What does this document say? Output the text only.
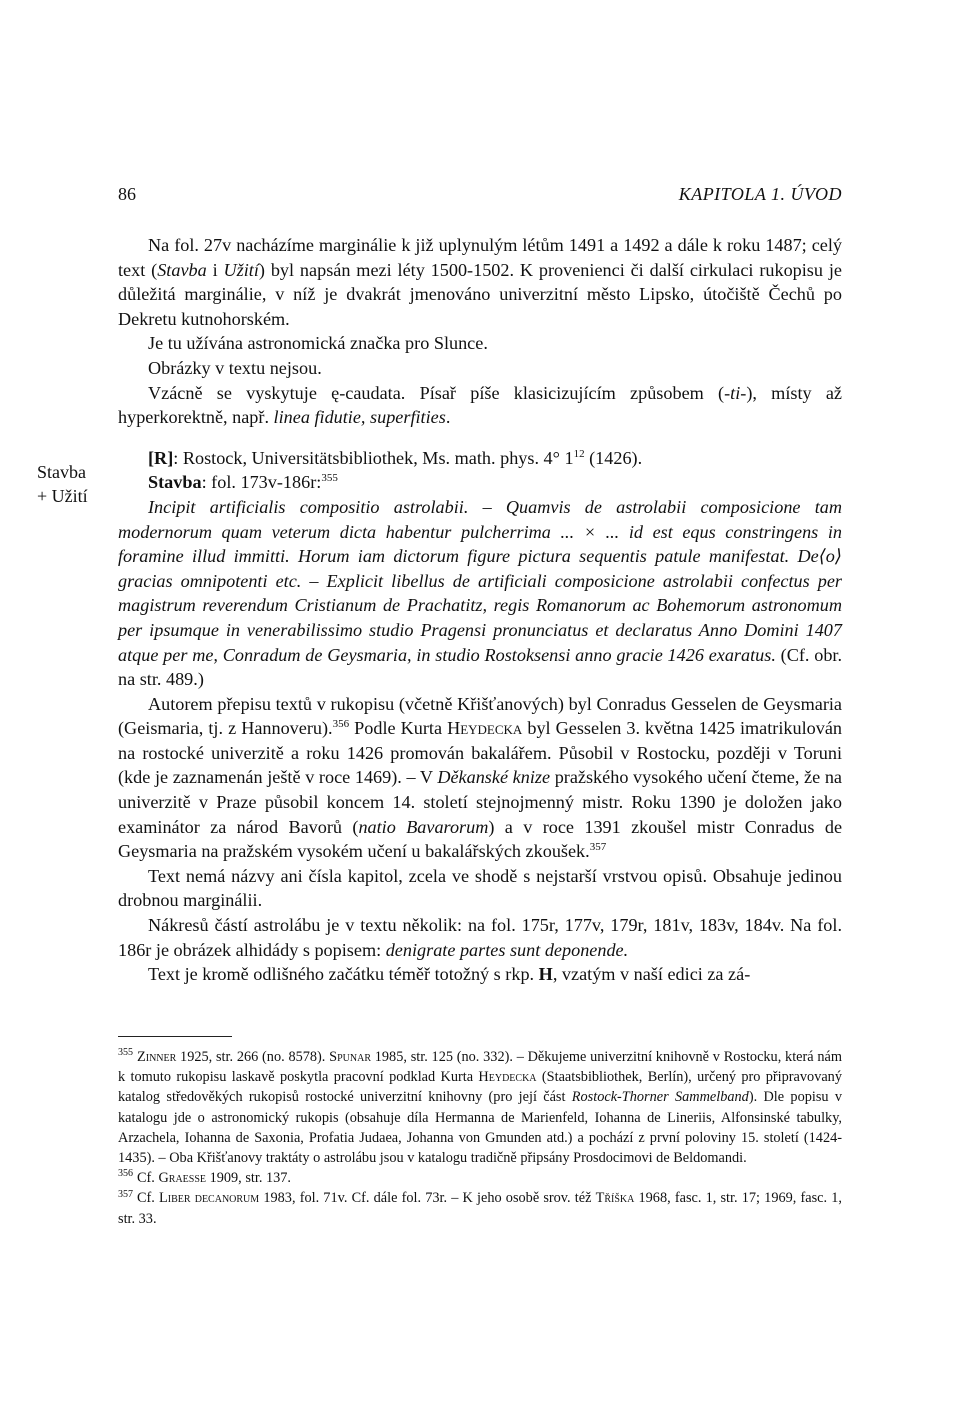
86	KAPITOLA 1. ÚVOD
Stavba
+ Užití

Na fol. 27v nacházíme marginálie k již uplynulým létům 1491 a 1492 a dále k roku 1487; celý text (Stavba i Užití) byl napsán mezi léty 1500-1502. K provenienci či další cirkulaci rukopisu je důležitá marginálie, v níž je dvakrát jmenováno univerzitní město Lipsko, útočiště Čechů po Dekretu kutnohorském.

Je tu užívána astronomická značka pro Slunce.

Obrázky v textu nejsou.

Vzácně se vyskytuje ę-caudata. Písař píše klasicizujícím způsobem (-ti-), místy až hyperkorektně, např. linea fidutie, superfities.

[R]: Rostock, Universitätsbibliothek, Ms. math. phys. 4° $1^{12}$ (1426).

Stavba: fol. 173v-186r:$^{355}$

Incipit artificialis compositio astrolabii. – Quamvis de astrolabii composicione tam modernorum quam veterum dicta habentur pulcherrima ... × ... id est equs constringens in foramine illud immitti. Horum iam dictorum figure pictura sequentis patule manifestat. De⟨o⟩ gracias omnipotenti etc. – Explicit libellus de artificiali composicione astrolabii confectus per magistrum reverendum Cristianum de Prachatitz, regis Romanorum ac Bohemorum astronomum per ipsumque in venerabilissimo studio Pragensi pronunciatus et declaratus Anno Domini 1407 atque per me, Conradum de Geysmaria, in studio Rostoksensi anno gracie 1426 exaratus. (Cf. obr. na str. 489.)

Autorem přepisu textů v rukopisu (včetně Křišťanových) byl Conradus Gesselen de Geysmaria (Geismaria, tj. z Hannoveru).$^{356}$ Podle Kurta Heydecka byl Gesselen 3. května 1425 imatrikulován na rostocké univerzitě a roku 1426 promován bakalářem. Působil v Rostocku, později v Toruni (kde je zaznamenán ještě v roce 1469). – V Děkanské knize pražského vysokého učení čteme, že na univerzitě v Praze působil koncem 14. století stejnojmenný mistr. Roku 1390 je doložen jako examinátor za národ Bavorů (natio Bavarorum) a v roce 1391 zkoušel mistr Conradus de Geysmaria na pražském vysokém učení u bakalářských zkoušek.$^{357}$

Text nemá názvy ani čísla kapitol, zcela ve shodě s nejstarší vrstvou opisů. Obsahuje jedinou drobnou marginálii.

Nákresů částí astrolábu je v textu několik: na fol. 175r, 177v, 179r, 181v, 183v, 184v. Na fol. 186r je obrázek alhidády s popisem: denigrate partes sunt deponende.

Text je kromě odlišného začátku téměř totožný s rkp. H, vzatým v naší edici za zá-

$^{355}$ Zinner 1925, str. 266 (no. 8578). Spunar 1985, str. 125 (no. 332). – Děkujeme univerzitní knihovně v Rostocku, která nám k tomuto rukopisu laskavě poskytla pracovní podklad Kurta Heydecka (Staatsbibliothek, Berlín), určený pro připravovaný katalog středověkých rukopisů rostocké univerzitní knihovny (pro její část Rostock-Thorner Sammelband). Dle popisu v katalogu jde o astronomický rukopis (obsahuje díla Hermanna de Marienfeld, Iohanna de Lineriis, Alfonsinské tabulky, Arzachela, Iohanna de Saxonia, Profatia Judaea, Johanna von Gmunden atd.) a pochází z první poloviny 15. století (1424-1435). – Oba Křišťanovy traktáty o astrolábu jsou v katalogu tradičně připsány Prosdocimovi de Beldomandi.

$^{356}$ Cf. Graesse 1909, str. 137.

$^{357}$ Cf. Liber decanorum 1983, fol. 71v. Cf. dále fol. 73r. – K jeho osobě srov. též Tříška 1968, fasc. 1, str. 17; 1969, fasc. 1, str. 33.
